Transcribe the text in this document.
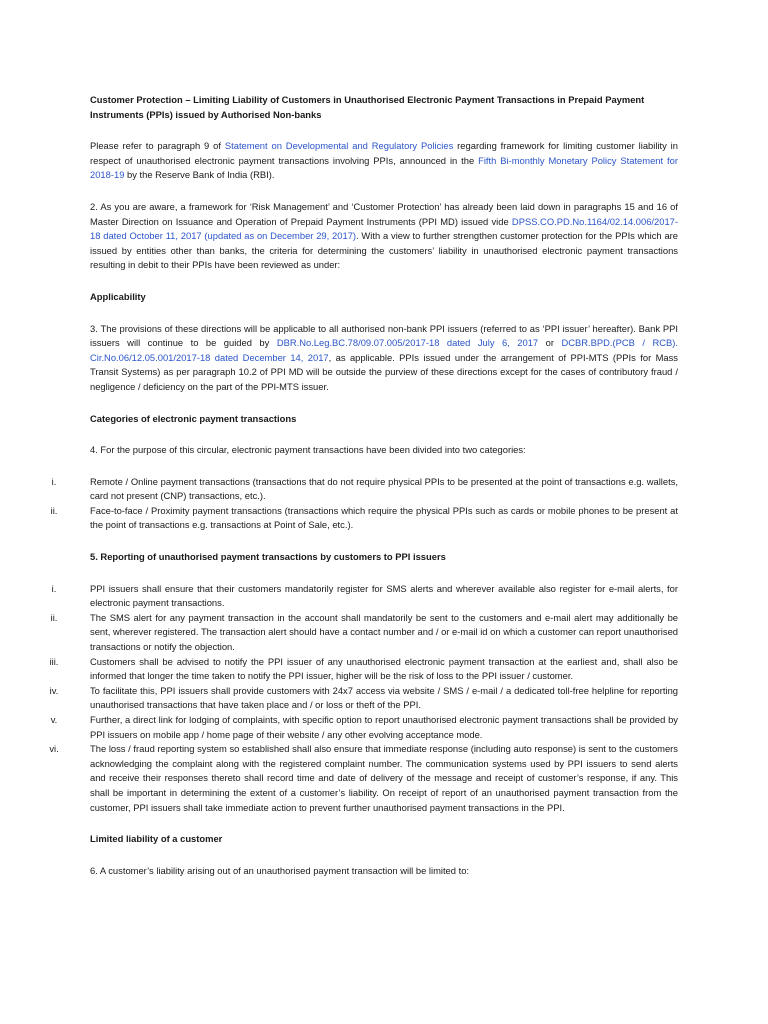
Customer Protection – Limiting Liability of Customers in Unauthorised Electronic Payment Transactions in Prepaid Payment Instruments (PPIs) issued by Authorised Non-banks

Please refer to paragraph 9 of Statement on Developmental and Regulatory Policies regarding framework for limiting customer liability in respect of unauthorised electronic payment transactions involving PPIs, announced in the Fifth Bi-monthly Monetary Policy Statement for 2018-19 by the Reserve Bank of India (RBI).

2. As you are aware, a framework for ‘Risk Management’ and ‘Customer Protection’ has already been laid down in paragraphs 15 and 16 of Master Direction on Issuance and Operation of Prepaid Payment Instruments (PPI MD) issued vide DPSS.CO.PD.No.1164/02.14.006/2017-18 dated October 11, 2017 (updated as on December 29, 2017). With a view to further strengthen customer protection for the PPIs which are issued by entities other than banks, the criteria for determining the customers’ liability in unauthorised electronic payment transactions resulting in debit to their PPIs have been reviewed as under:

Applicability

3. The provisions of these directions will be applicable to all authorised non-bank PPI issuers (referred to as ‘PPI issuer’ hereafter). Bank PPI issuers will continue to be guided by DBR.No.Leg.BC.78/09.07.005/2017-18 dated July 6, 2017 or DCBR.BPD.(PCB / RCB). Cir.No.06/12.05.001/2017-18 dated December 14, 2017, as applicable. PPIs issued under the arrangement of PPI-MTS (PPIs for Mass Transit Systems) as per paragraph 10.2 of PPI MD will be outside the purview of these directions except for the cases of contributory fraud / negligence / deficiency on the part of the PPI-MTS issuer.

Categories of electronic payment transactions

4. For the purpose of this circular, electronic payment transactions have been divided into two categories:

i.	Remote / Online payment transactions (transactions that do not require physical PPIs to be presented at the point of transactions e.g. wallets, card not present (CNP) transactions, etc.).
ii.	Face-to-face / Proximity payment transactions (transactions which require the physical PPIs such as cards or mobile phones to be present at the point of transactions e.g. transactions at Point of Sale, etc.).

5. Reporting of unauthorised payment transactions by customers to PPI issuers

i.	PPI issuers shall ensure that their customers mandatorily register for SMS alerts and wherever available also register for e-mail alerts, for electronic payment transactions.
ii.	The SMS alert for any payment transaction in the account shall mandatorily be sent to the customers and e-mail alert may additionally be sent, wherever registered. The transaction alert should have a contact number and / or e-mail id on which a customer can report unauthorised transactions or notify the objection.
iii.	Customers shall be advised to notify the PPI issuer of any unauthorised electronic payment transaction at the earliest and, shall also be informed that longer the time taken to notify the PPI issuer, higher will be the risk of loss to the PPI issuer / customer.
iv.	To facilitate this, PPI issuers shall provide customers with 24x7 access via website / SMS / e-mail / a dedicated toll-free helpline for reporting unauthorised transactions that have taken place and / or loss or theft of the PPI.
v.	Further, a direct link for lodging of complaints, with specific option to report unauthorised electronic payment transactions shall be provided by PPI issuers on mobile app / home page of their website / any other evolving acceptance mode.
vi.	The loss / fraud reporting system so established shall also ensure that immediate response (including auto response) is sent to the customers acknowledging the complaint along with the registered complaint number. The communication systems used by PPI issuers to send alerts and receive their responses thereto shall record time and date of delivery of the message and receipt of customer’s response, if any. This shall be important in determining the extent of a customer’s liability. On receipt of report of an unauthorised payment transaction from the customer, PPI issuers shall take immediate action to prevent further unauthorised payment transactions in the PPI.

Limited liability of a customer

6. A customer’s liability arising out of an unauthorised payment transaction will be limited to:
